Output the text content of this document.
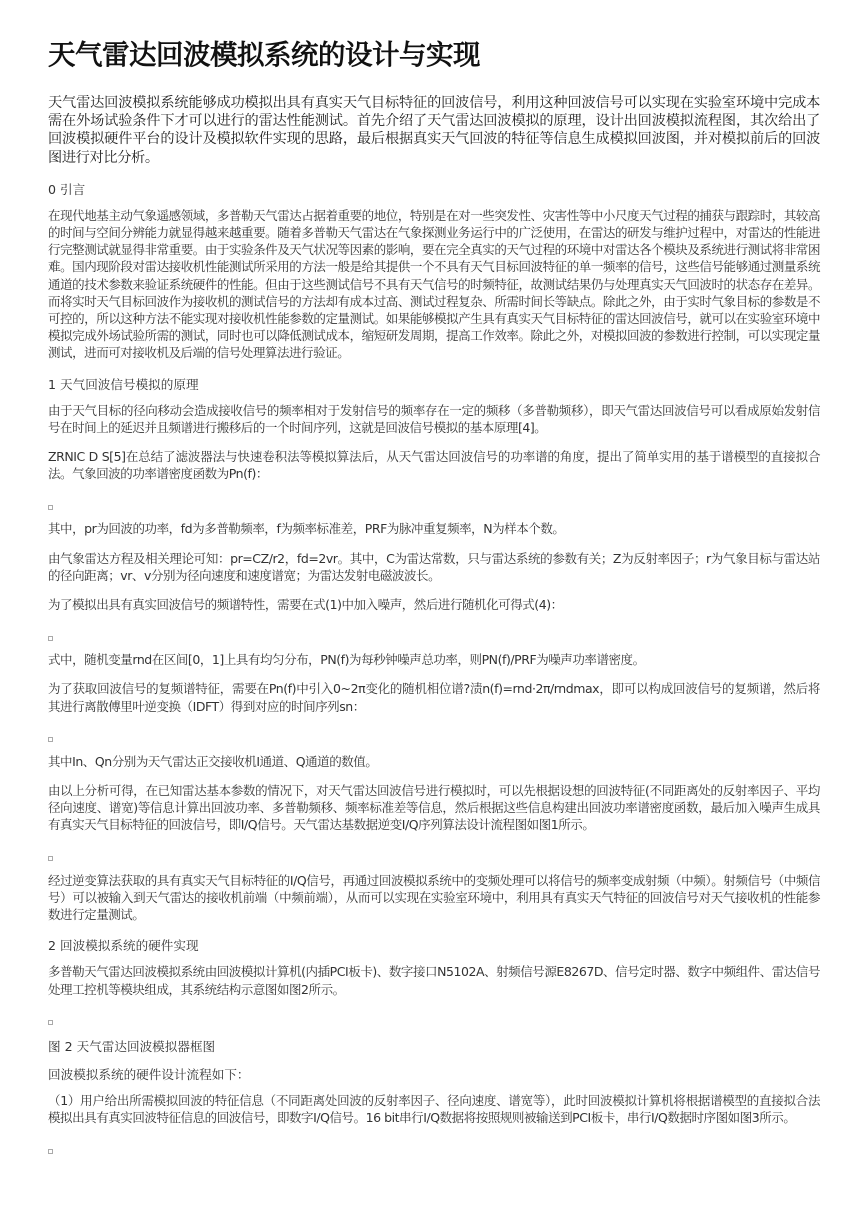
天气雷达回波模拟系统的设计与实现

天气雷达回波模拟系统能够成功模拟出具有真实天气目标特征的回波信号，利用这种回波信号可以实现在实验室环境中完成本需在外场试验条件下才可以进行的雷达性能测试。首先介绍了天气雷达回波模拟的原理，设计出回波模拟流程图，其次给出了回波模拟硬件平台的设计及模拟软件实现的思路，最后根据真实天气回波的特征等信息生成模拟回波图，并对模拟前后的回波图进行对比分析。

0 引言

在现代地基主动气象遥感领域，多普勒天气雷达占据着重要的地位，特别是在对一些突发性、灾害性等中小尺度天气过程的捕获与跟踪时，其较高的时间与空间分辨能力就显得越来越重要。随着多普勒天气雷达在气象探测业务运行中的广泛使用，在雷达的研发与维护过程中，对雷达的性能进行完整测试就显得非常重要。由于实验条件及天气状况等因素的影响，要在完全真实的天气过程的环境中对雷达各个模块及系统进行测试将非常困难。国内现阶段对雷达接收机性能测试所采用的方法一般是给其提供一个不具有天气目标回波特征的单一频率的信号，这些信号能够通过测量系统通道的技术参数来验证系统硬件的性能。但由于这些测试信号不具有天气信号的时频特征，故测试结果仍与处理真实天气回波时的状态存在差异。而将实时天气目标回波作为接收机的测试信号的方法却有成本过高、测试过程复杂、所需时间长等缺点。除此之外，由于实时气象目标的参数是不可控的，所以这种方法不能实现对接收机性能参数的定量测试。如果能够模拟产生具有真实天气目标特征的雷达回波信号，就可以在实验室环境中模拟完成外场试验所需的测试，同时也可以降低测试成本，缩短研发周期，提高工作效率。除此之外，对模拟回波的参数进行控制，可以实现定量测试，进而可对接收机及后端的信号处理算法进行验证。

1 天气回波信号模拟的原理

由于天气目标的径向移动会造成接收信号的频率相对于发射信号的频率存在一定的频移（多普勒频移），即天气雷达回波信号可以看成原始发射信号在时间上的延迟并且频谱进行搬移后的一个时间序列，这就是回波信号模拟的基本原理[4]。

ZRNIC D S[5]在总结了滤波器法与快速卷积法等模拟算法后，从天气雷达回波信号的功率谱的角度，提出了简单实用的基于谱模型的直接拟合法。气象回波的功率谱密度函数为Pn(f)：

其中，pr为回波的功率，fd为多普勒频率，f为频率标准差，PRF为脉冲重复频率，N为样本个数。

由气象雷达方程及相关理论可知：pr=CZ/r2，fd=2vr。其中，C为雷达常数，只与雷达系统的参数有关；Z为反射率因子；r为气象目标与雷达站的径向距离；vr、v分别为径向速度和速度谱宽；为雷达发射电磁波波长。

为了模拟出具有真实回波信号的频谱特性，需要在式(1)中加入噪声，然后进行随机化可得式(4)：

式中，随机变量rnd在区间[0，1]上具有均匀分布，PN(f)为每秒钟噪声总功率，则PN(f)/PRF为噪声功率谱密度。

为了获取回波信号的复频谱特征，需要在Pn(f)中引入0~2π变化的随机相位谱?渍n(f)=rnd·2π/rndmax，即可以构成回波信号的复频谱，然后将其进行离散傅里叶逆变换（IDFT）得到对应的时间序列sn：

其中In、Qn分别为天气雷达正交接收机I通道、Q通道的数值。

由以上分析可得，在已知雷达基本参数的情况下，对天气雷达回波信号进行模拟时，可以先根据设想的回波特征(不同距离处的反射率因子、平均径向速度、谱宽)等信息计算出回波功率、多普勒频移、频率标准差等信息，然后根据这些信息构建出回波功率谱密度函数，最后加入噪声生成具有真实天气目标特征的回波信号，即I/Q信号。天气雷达基数据逆变I/Q序列算法设计流程图如图1所示。

经过逆变算法获取的具有真实天气目标特征的I/Q信号，再通过回波模拟系统中的变频处理可以将信号的频率变成射频（中频）。射频信号（中频信号）可以被输入到天气雷达的接收机前端（中频前端），从而可以实现在实验室环境中，利用具有真实天气特征的回波信号对天气接收机的性能参数进行定量测试。

2 回波模拟系统的硬件实现

多普勒天气雷达回波模拟系统由回波模拟计算机(内插PCI板卡)、数字接口N5102A、射频信号源E8267D、信号定时器、数字中频组件、雷达信号处理工控机等模块组成，其系统结构示意图如图2所示。

图 2 天气雷达回波模拟器框图

回波模拟系统的硬件设计流程如下：

（1）用户给出所需模拟回波的特征信息（不同距离处回波的反射率因子、径向速度、谱宽等），此时回波模拟计算机将根据谱模型的直接拟合法模拟出具有真实回波特征信息的回波信号，即数字I/Q信号。16 bit串行I/Q数据将按照规则被输送到PCI板卡，串行I/Q数据时序图如图3所示。
